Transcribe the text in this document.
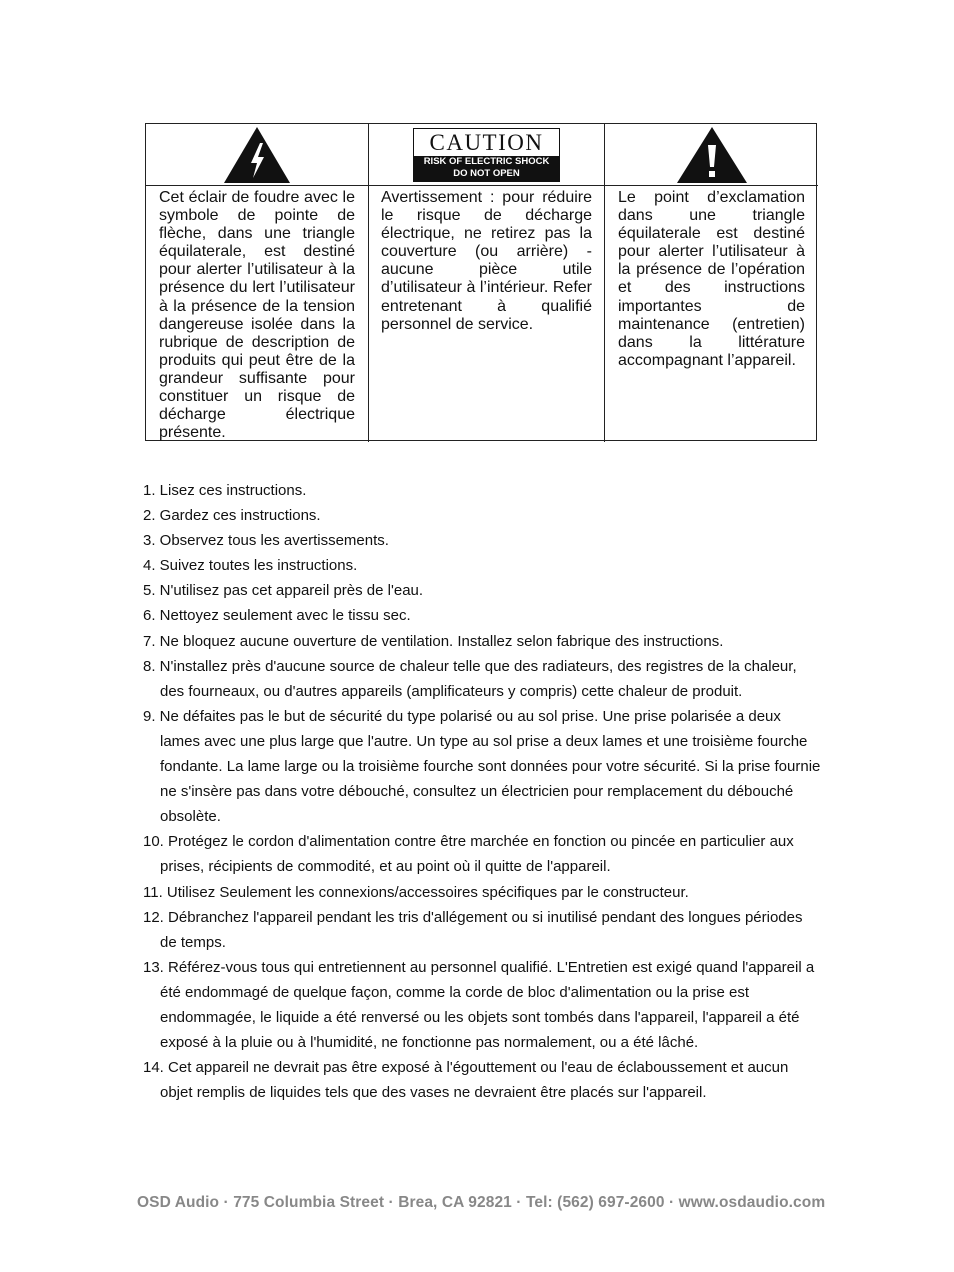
CAUTION
RISK OF ELECTRIC SHOCK
DO NOT OPEN
Cet éclair de foudre avec le symbole de pointe de flèche, dans une triangle équilaterale, est destiné pour alerter l’utilisateur à la présence du lert l’utilisateur à la présence de la tension dangereuse isolée dans la rubrique de description de produits qui peut être de la grandeur suffisante pour constituer un risque de décharge électrique présente.
Avertissement : pour réduire le risque de décharge électrique, ne retirez pas la couverture (ou arrière) - aucune pièce utile d’utilisateur à l’intérieur. Refer entretenant à qualifié personnel de service.
Le point d’exclamation dans une triangle équilaterale est destiné pour alerter l’utilisateur à la présence de l’opération et des instructions importantes de maintenance (entretien) dans la littérature accompagnant l’appareil.
1. Lisez ces instructions.
2. Gardez ces instructions.
3. Observez tous les avertissements.
4. Suivez toutes les instructions.
5. N'utilisez pas cet appareil près de l'eau.
6. Nettoyez seulement avec le tissu sec.
7. Ne bloquez aucune ouverture de ventilation. Installez selon fabrique des instructions.
8. N'installez près d'aucune source de chaleur telle que des radiateurs, des registres de la chaleur, des fourneaux, ou d'autres appareils (amplificateurs y compris) cette chaleur de produit.
9. Ne défaites pas le but de sécurité du type polarisé ou au sol prise. Une prise polarisée a deux lames avec une plus large que l'autre. Un type au sol prise a deux lames et une troisième fourche fondante. La lame large ou la troisième fourche sont données pour votre sécurité. Si la prise fournie ne s'insère pas dans votre débouché, consultez un électricien pour remplacement du débouché obsolète.
10. Protégez le cordon d'alimentation contre être marchée en fonction ou pincée en particulier aux prises, récipients de commodité, et au point où il quitte de l'appareil.
11. Utilisez Seulement les connexions/accessoires spécifiques par le constructeur.
12. Débranchez l'appareil pendant les tris d'allégement ou si inutilisé pendant des longues périodes de temps.
13. Référez-vous tous qui entretiennent au personnel qualifié. L'Entretien est exigé quand l'appareil a été endommagé de quelque façon, comme la corde de bloc d'alimentation ou la prise est endommagée, le liquide a été renversé ou les objets sont tombés dans l'appareil, l'appareil a été exposé à la pluie ou à l'humidité, ne fonctionne pas normalement, ou a été lâché.
14. Cet appareil ne devrait pas être exposé à l'égouttement ou l'eau de éclaboussement et aucun objet remplis de liquides tels que des vases ne devraient être placés sur l'appareil.
OSD Audio · 775 Columbia Street · Brea, CA 92821 · Tel: (562) 697-2600 · www.osdaudio.com
